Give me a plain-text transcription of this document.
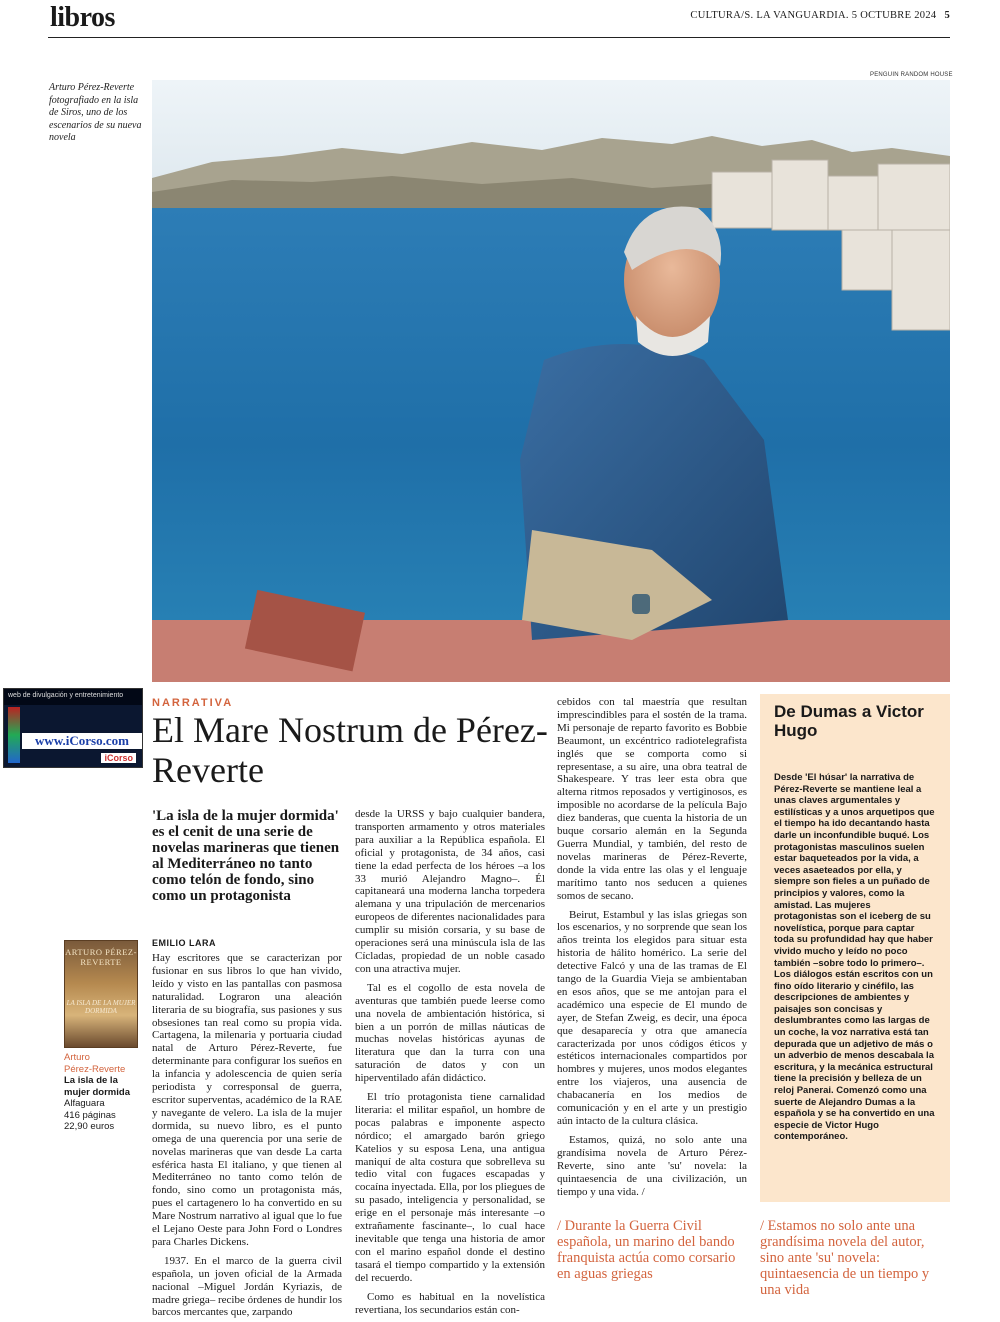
libros	CULTURA/S. LA VANGUARDIA. 5 OCTUBRE 2024 5
PENGUIN RANDOM HOUSE
Arturo Pérez-Reverte fotografiado en la isla de Siros, uno de los escenarios de su nueva novela
web de divulgación y entretenimiento
www.iCorso.com
iCorso
NARRATIVA
El Mare Nostrum de Pérez-Reverte
'La isla de la mujer dormida' es el cenit de una serie de novelas marineras que tienen al Mediterráneo no tanto como telón de fondo, sino como un protagonista
ARTURO PÉREZ-REVERTE
LA ISLA DE LA MUJER DORMIDA
Arturo
Pérez-Reverte
La isla de la mujer dormida
Alfaguara
416 páginas
22,90 euros
EMILIO LARA

Hay escritores que se caracterizan por fusionar en sus libros lo que han vivido, leído y visto en las pantallas con pasmosa naturalidad. Lograron una aleación literaria de su biografía, sus pasiones y sus obsesiones tan real como su propia vida. Cartagena, la milenaria y portuaria ciudad natal de Arturo Pérez-Reverte, fue determinante para configurar los sueños en la infancia y adolescencia de quien sería periodista y corresponsal de guerra, escritor superventas, académico de la RAE y navegante de velero. La isla de la mujer dormida, su nuevo libro, es el punto omega de una querencia por una serie de novelas marineras que van desde La carta esférica hasta El italiano, y que tienen al Mediterráneo no tanto como telón de fondo, sino como un protagonista más, pues el cartagenero lo ha convertido en su Mare Nostrum narrativo al igual que lo fue el Lejano Oeste para John Ford o Londres para Charles Dickens.

1937. En el marco de la guerra civil española, un joven oficial de la Armada nacional –Miguel Jordán Kyriazis, de madre griega– recibe órdenes de hundir los barcos mercantes que, zarpando

desde la URSS y bajo cualquier bandera, transporten armamento y otros materiales para auxiliar a la República española. El oficial y protagonista, de 34 años, casi tiene la edad perfecta de los héroes –a los 33 murió Alejandro Magno–. Él capitaneará una moderna lancha torpedera alemana y una tripulación de mercenarios europeos de diferentes nacionalidades para cumplir su misión corsaria, y su base de operaciones será una minúscula isla de las Cícladas, propiedad de un noble casado con una atractiva mujer.

Tal es el cogollo de esta novela de aventuras que también puede leerse como una novela de ambientación histórica, si bien a un porrón de millas náuticas de muchas novelas históricas ayunas de literatura que dan la turra con una saturación de datos y con un hiperventilado afán didáctico.

El trío protagonista tiene carnalidad literaria: el militar español, un hombre de pocas palabras e imponente aspecto nórdico; el amargado barón griego Katelios y su esposa Lena, una antigua maniquí de alta costura que sobrelleva su tedio vital con fugaces escapadas y cocaína inyectada. Ella, por los pliegues de su pasado, inteligencia y personalidad, se erige en el personaje más interesante –o extrañamente fascinante–, lo cual hace inevitable que tenga una historia de amor con el marino español donde el destino tasará el tiempo compartido y la extensión del recuerdo.

Como es habitual en la novelística revertiana, los secundarios están con-

cebidos con tal maestría que resultan imprescindibles para el sostén de la trama. Mi personaje de reparto favorito es Bobbie Beaumont, un excéntrico radiotelegrafista inglés que se comporta como si representase, a su aire, una obra teatral de Shakespeare. Y tras leer esta obra que alterna ritmos reposados y vertiginosos, es imposible no acordarse de la película Bajo diez banderas, que cuenta la historia de un buque corsario alemán en la Segunda Guerra Mundial, y también, del resto de novelas marineras de Pérez-Reverte, donde la vida entre las olas y el lenguaje marítimo tanto nos seducen a quienes somos de secano.

Beirut, Estambul y las islas griegas son los escenarios, y no sorprende que sean los años treinta los elegidos para situar esta historia de hálito homérico. La serie del detective Falcó y una de las tramas de El tango de la Guardia Vieja se ambientaban en esos años, que se me antojan para el académico una especie de El mundo de ayer, de Stefan Zweig, es decir, una época que desaparecía y otra que amanecía caracterizada por unos códigos éticos y estéticos internacionales compartidos por hombres y mujeres, unos modos elegantes entre los viajeros, una ausencia de chabacanería en los medios de comunicación y en el arte y un prestigio aún intacto de la cultura clásica.

Estamos, quizá, no solo ante una grandísima novela de Arturo Pérez-Reverte, sino ante 'su' novela: la quintaesencia de una civilización, un tiempo y una vida. /

/ Durante la Guerra Civil española, un marino del bando franquista actúa como corsario en aguas griegas
De Dumas a Victor Hugo
Desde 'El húsar' la narrativa de Pérez-Reverte se mantiene leal a unas claves argumentales y estilísticas y a unos arquetipos que el tiempo ha ido decantando hasta darle un inconfundible buqué. Los protagonistas masculinos suelen estar baqueteados por la vida, a veces asaeteados por ella, y siempre son fieles a un puñado de principios y valores, como la amistad. Las mujeres protagonistas son el iceberg de su novelística, porque para captar toda su profundidad hay que haber vivido mucho y leído no poco también –sobre todo lo primero–. Los diálogos están escritos con un fino oído literario y cinéfilo, las descripciones de ambientes y paisajes son concisas y deslumbrantes como las largas de un coche, la voz narrativa está tan depurada que un adjetivo de más o un adverbio de menos descabala la escritura, y la mecánica estructural tiene la precisión y belleza de un reloj Panerai. Comenzó como una suerte de Alejandro Dumas a la española y se ha convertido en una especie de Victor Hugo contemporáneo.
/ Estamos no solo ante una grandísima novela del autor, sino ante 'su' novela: quintaesencia de un tiempo y una vida
